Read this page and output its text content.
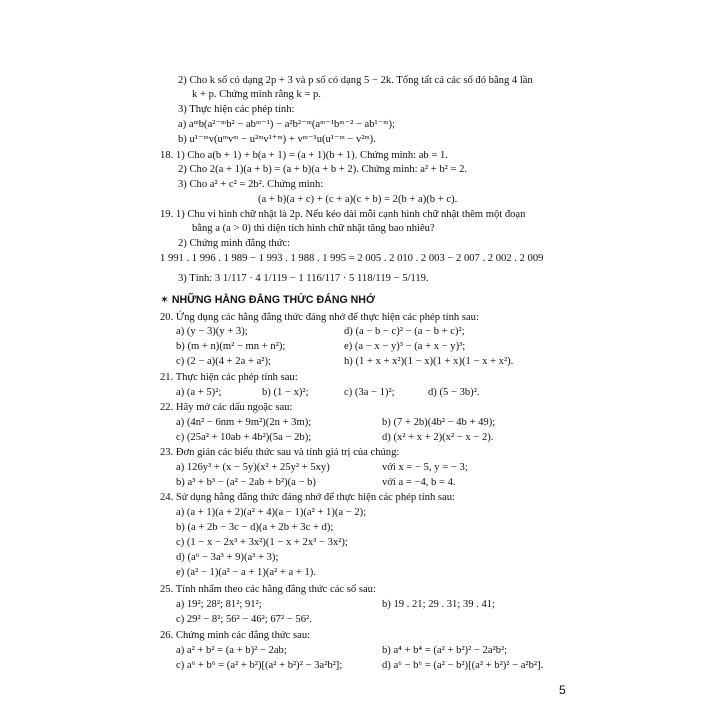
2) Cho k số có dạng 2p + 3 và p số có dạng 5 − 2k. Tổng tất cả các số đó bằng 4 lần
k + p. Chứng minh rằng k = p.
3) Thực hiện các phép tính:
a) aᵐb(a²⁻ᵐb² − abᵐ⁻¹) − a²b²⁻ᵐ(aᵐ⁻¹bᵐ⁻² − ab¹⁻ᵐ);
b) u¹⁻ᵐv(uᵐvᵐ − u²ᵐv¹⁺ᵐ) + vᵐ⁻¹u(u¹⁻ᵐ − v²ᵐ).
18. 1) Cho a(b + 1) + b(a + 1) = (a + 1)(b + 1). Chứng minh: ab = 1.
2) Cho 2(a + 1)(a + b) = (a + b)(a + b + 2). Chứng minh: a² + b² = 2.
3) Cho a² + c² = 2b². Chứng minh:
(a + b)(a + c) + (c + a)(c + b) = 2(b + a)(b + c).
19. 1) Chu vi hình chữ nhật là 2p. Nếu kéo dài mỗi cạnh hình chữ nhật thêm một đoạn
bằng a (a > 0) thì diện tích hình chữ nhật tăng bao nhiêu?
2) Chứng minh đẳng thức:
1 991 . 1 996 . 1 989 − 1 993 . 1 988 . 1 995 = 2 005 . 2 010 . 2 003 − 2 007 . 2 002 . 2 009
3) Tính: 3 1/117 · 4 1/119 − 1 116/117 · 5 118/119 − 5/119.
✶ NHỮNG HẰNG ĐẲNG THỨC ĐÁNG NHỚ
20. Ứng dụng các hằng đẳng thức đáng nhớ để thực hiện các phép tính sau:
a) (y − 3)(y + 3);	d) (a − b − c)² − (a − b + c)²;
b) (m + n)(m² − mn + n²);	e) (a − x − y)³ − (a + x − y)³;
c) (2 − a)(4 + 2a + a²);	h) (1 + x + x²)(1 − x)(1 + x)(1 − x + x²).
21. Thực hiện các phép tính sau:
a) (a + 5)²;	b) (1 − x)²;	c) (3a − 1)²;	d) (5 − 3b)².
22. Hãy mở các dấu ngoặc sau:
a) (4n² − 6nm + 9m²)(2n + 3m);	b) (7 + 2b)(4b² − 4b + 49);
c) (25a² + 10ab + 4b²)(5a − 2b);	d) (x² + x + 2)(x² − x − 2).
23. Đơn giản các biểu thức sau và tính giá trị của chúng:
a) 126y³ + (x − 5y)(x² + 25y² + 5xy)	với x = − 5, y = − 3;
b) a³ + b³ − (a² − 2ab + b²)(a − b)	với a = −4, b = 4.
24. Sử dụng hằng đẳng thức đáng nhớ để thực hiện các phép tính sau:
a) (a + 1)(a + 2)(a² + 4)(a − 1)(a² + 1)(a − 2);
b) (a + 2b − 3c − d)(a + 2b + 3c + d);
c) (1 − x − 2x³ + 3x²)(1 − x + 2x³ − 3x²);
d) (a⁶ − 3a³ + 9)(a³ + 3);
e) (a² − 1)(a² − a + 1)(a² + a + 1).
25. Tính nhẩm theo các hằng đẳng thức các số sau:
a) 19²; 28²; 81²; 91²;	b) 19 . 21; 29 . 31; 39 . 41;
c) 29² − 8²; 56² − 46²; 67² − 56².
26. Chứng minh các đẳng thức sau:
a) a² + b² = (a + b)² − 2ab;	b) a⁴ + b⁴ = (a² + b²)² − 2a²b²;
c) a⁶ + b⁶ = (a² + b²)[(a² + b²)² − 3a²b²];	d) a⁶ − b⁶ = (a² − b²)[(a² + b²)² − a²b²].
5
